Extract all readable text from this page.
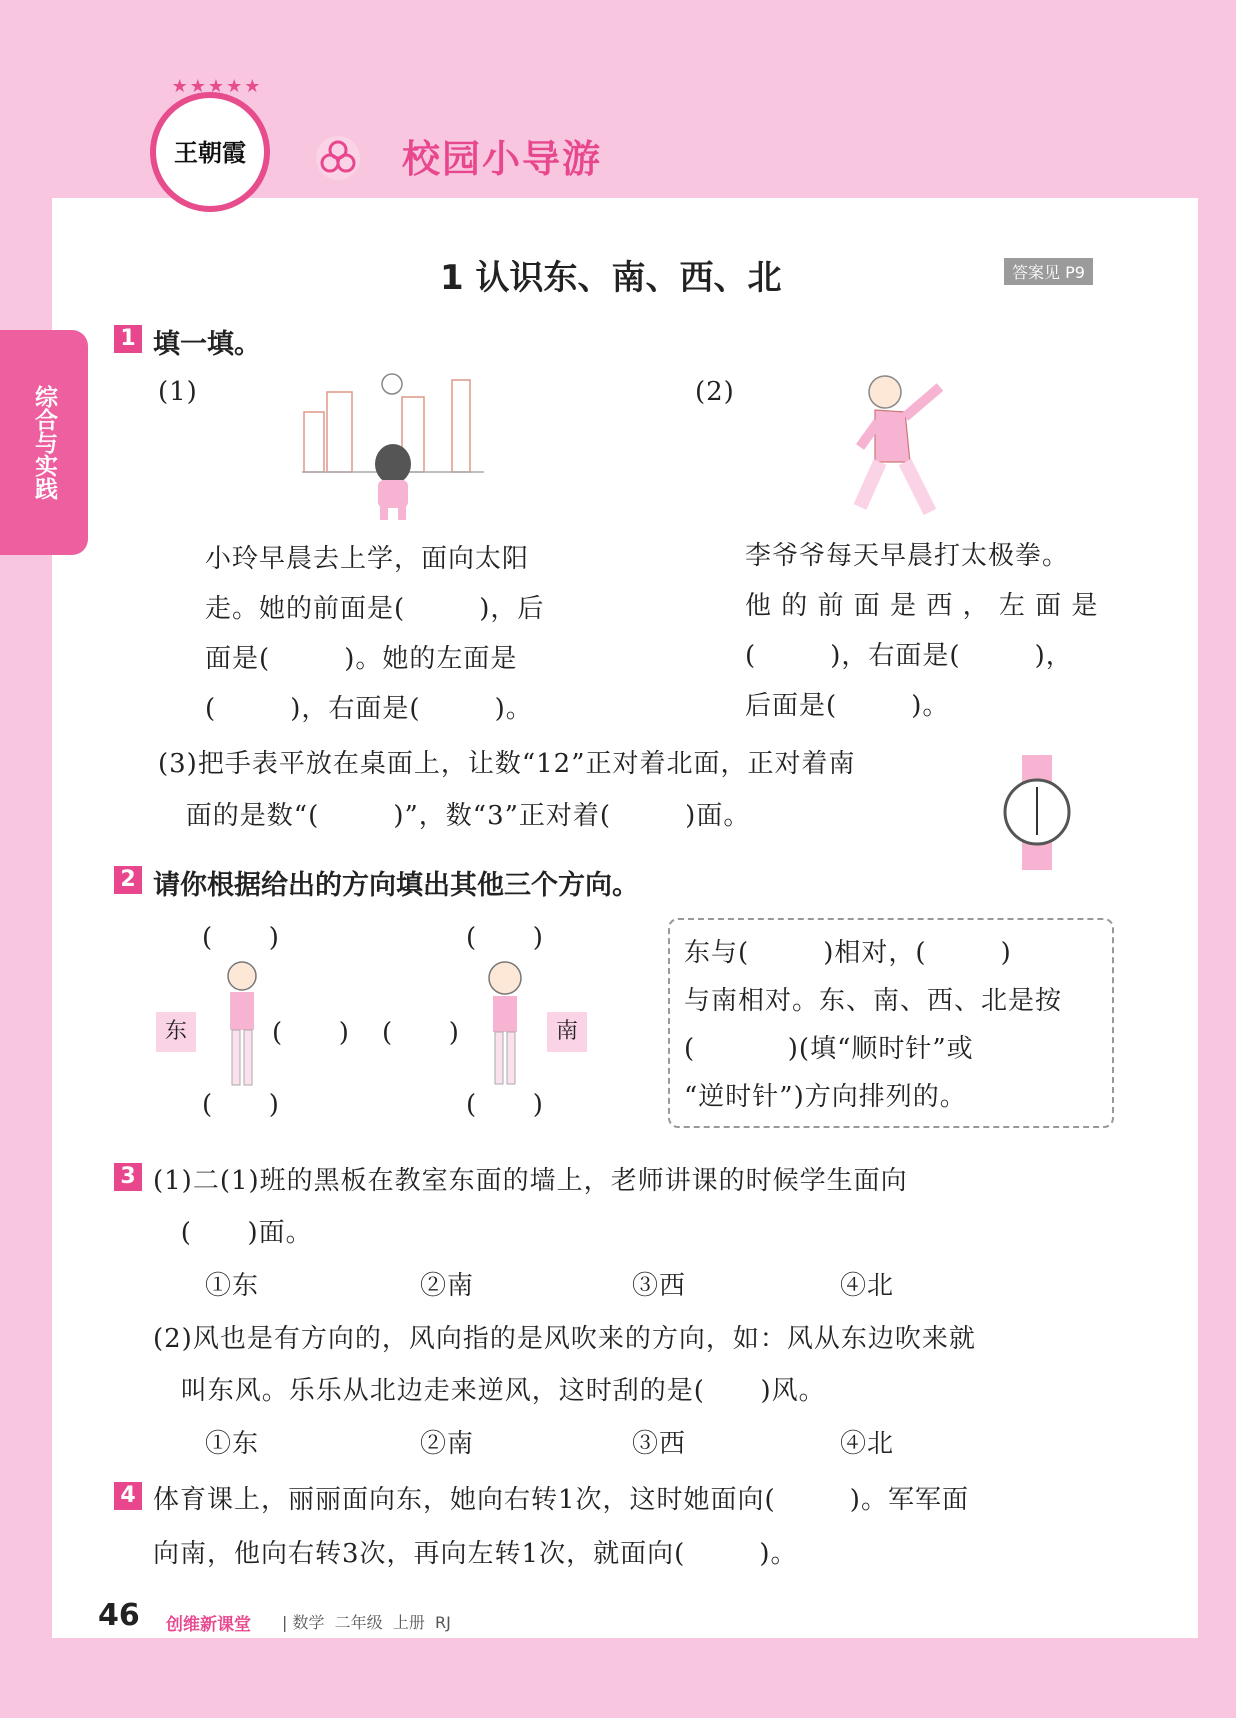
★★★★★
王朝霞	校园小导游
综合与实践
1 认识东、南、西、北	答案见 P9
1 填一填。
(1)
小玲早晨去上学，面向太阳
走。她的前面是(        )，后
面是(        )。她的左面是
(        )，右面是(        )。
(2)
李爷爷每天早晨打太极拳。
他 的 前 面 是 西 ， 左 面 是
(        )，右面是(        )，
后面是(        )。
(3)把手表平放在桌面上，让数“12”正对着北面，正对着南
面的是数“(        )”，数“3”正对着(        )面。
2 请你根据给出的方向填出其他三个方向。
(      )
(      )
东	(      )
(      )
(      )
(      )	南
东与(        )相对，(        )
与南相对。东、南、西、北是按
(          )(填“顺时针”或
“逆时针”)方向排列的。
3 (1)二(1)班的黑板在教室东面的墙上，老师讲课的时候学生面向
(      )面。
①东	②南	③西	④北
(2)风也是有方向的，风向指的是风吹来的方向，如：风从东边吹来就
叫东风。乐乐从北边走来逆风，这时刮的是(      )风。
①东	②南	③西	④北
4 体育课上，丽丽面向东，她向右转1次，这时她面向(        )。军军面
向南，他向右转3次，再向左转1次，就面向(        )。
46 创维新课堂 | 数学  二年级  上册  RJ
